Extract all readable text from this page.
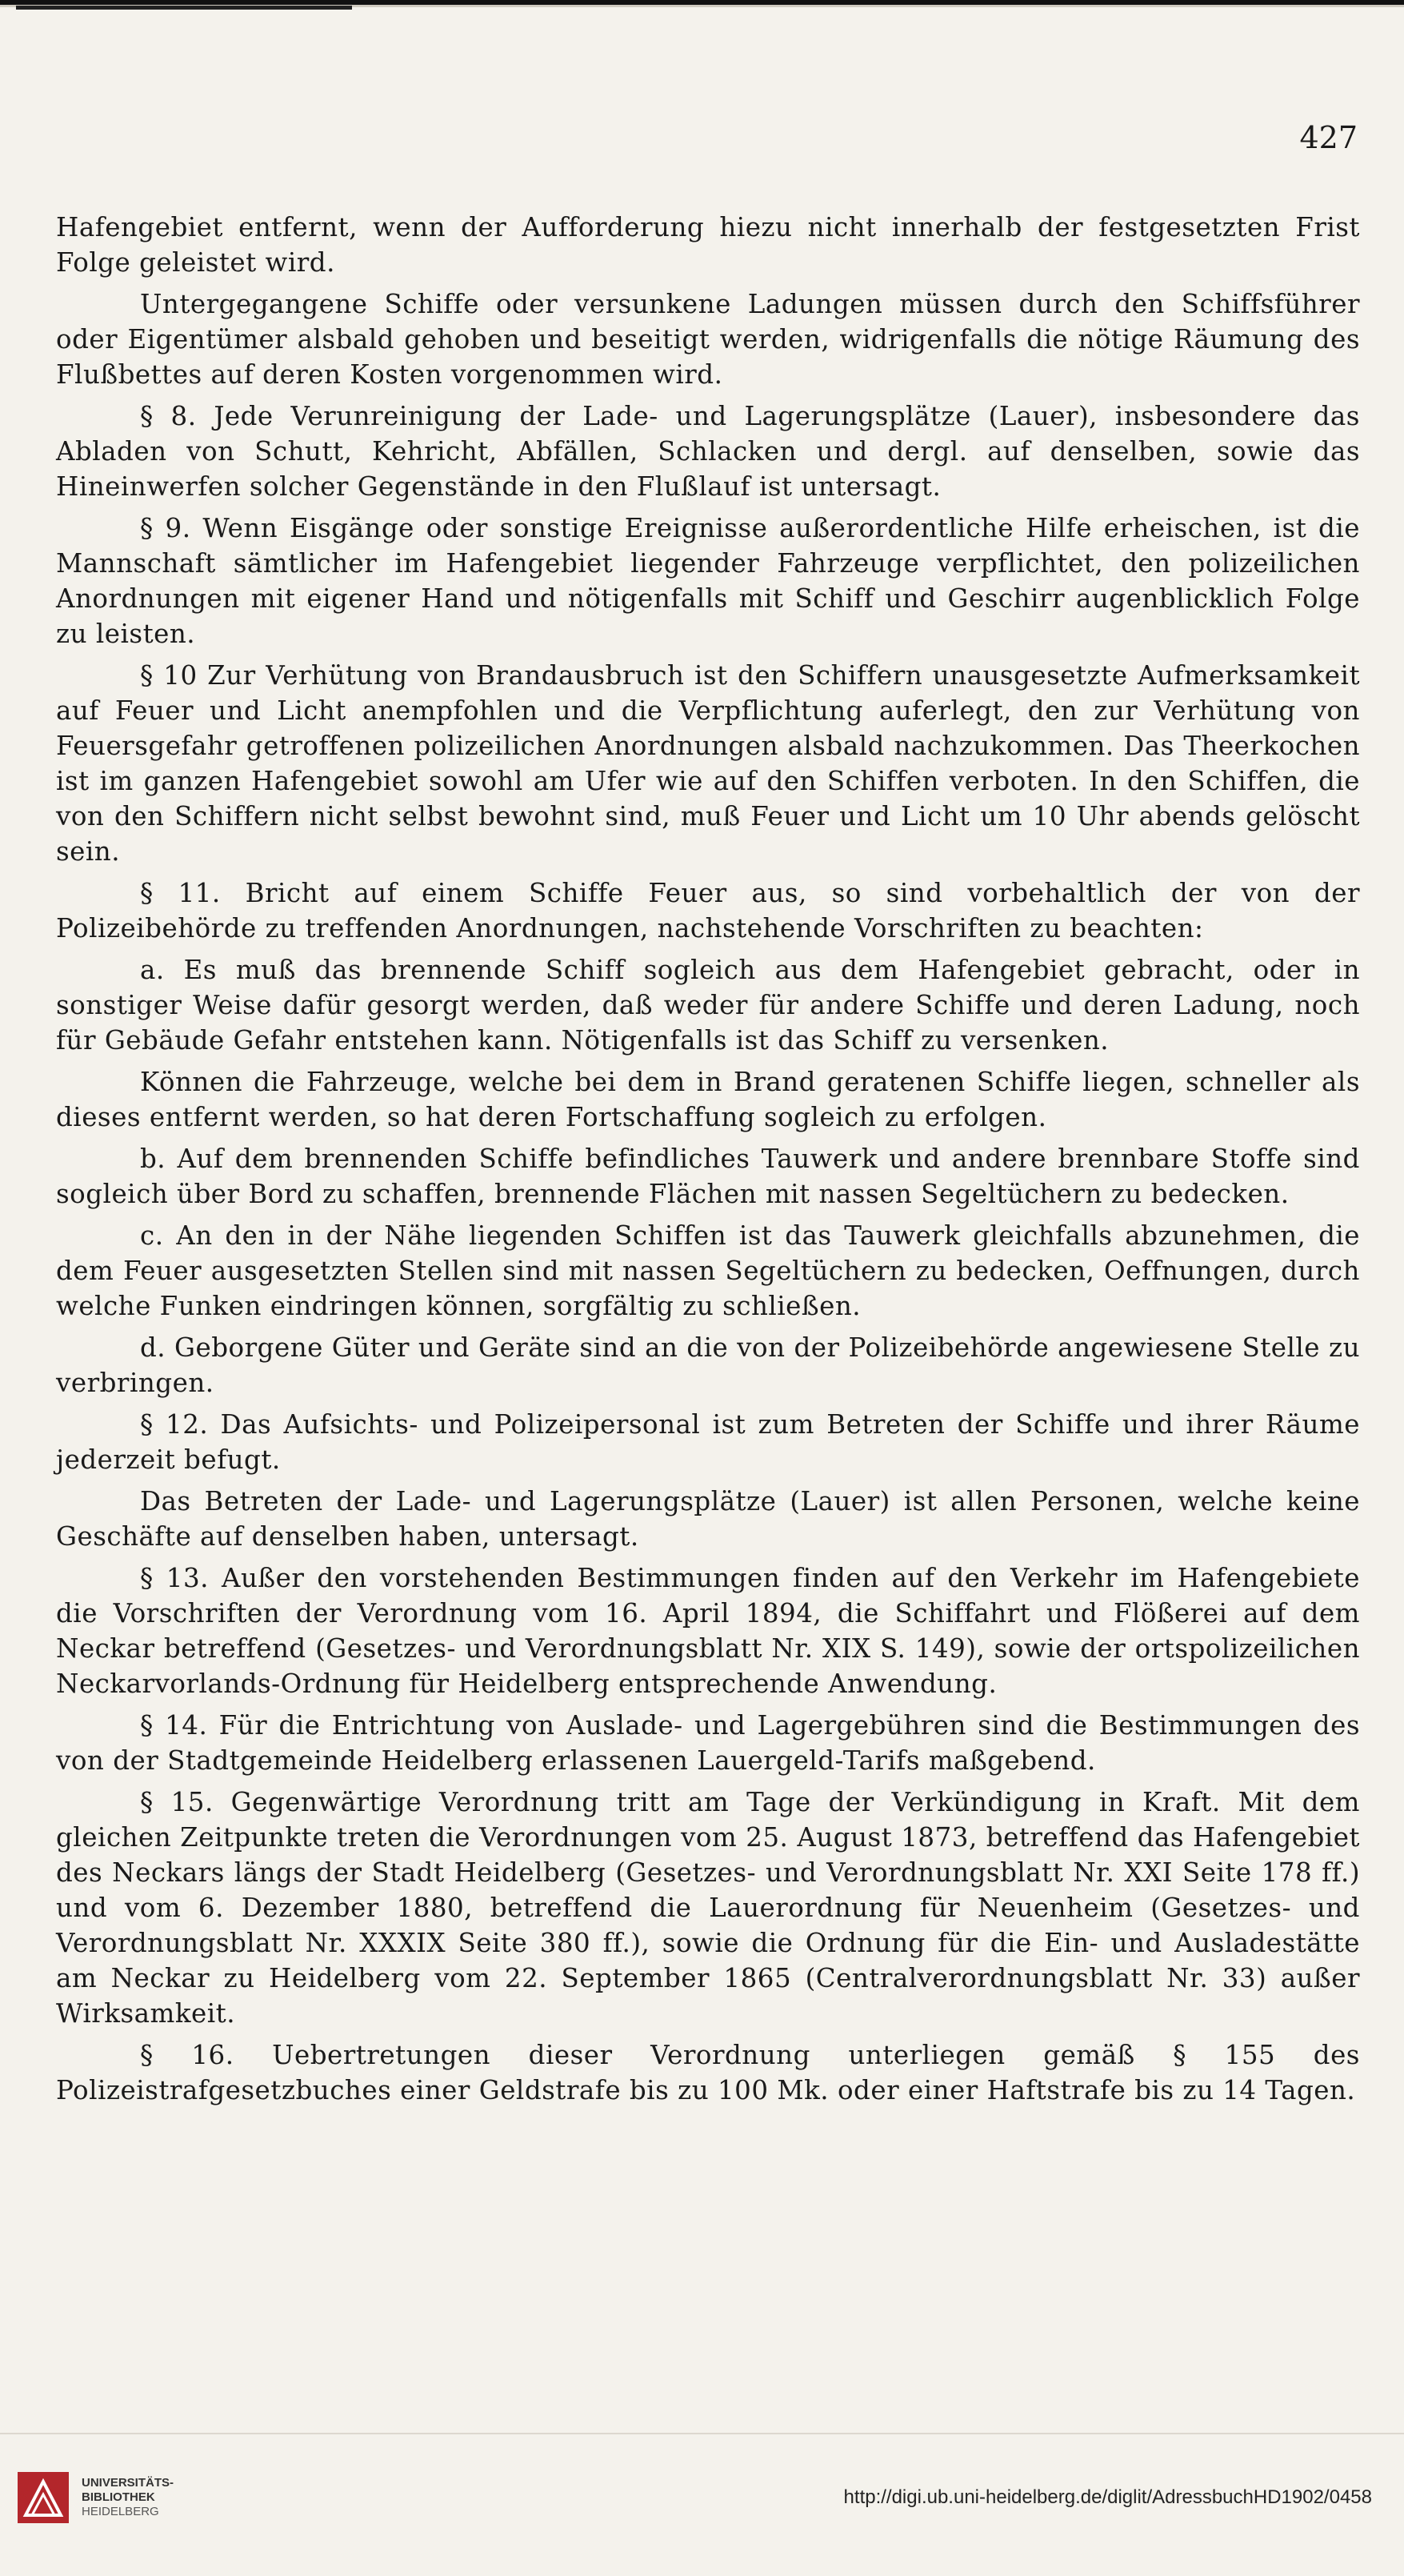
427

Hafengebiet entfernt, wenn der Aufforderung hiezu nicht innerhalb der festgesetzten Frist Folge geleistet wird.

Untergegangene Schiffe oder versunkene Ladungen müssen durch den Schiffsführer oder Eigentümer alsbald gehoben und beseitigt werden, widrigenfalls die nötige Räumung des Flußbettes auf deren Kosten vorgenommen wird.

§ 8. Jede Verunreinigung der Lade- und Lagerungsplätze (Lauer), insbesondere das Abladen von Schutt, Kehricht, Abfällen, Schlacken und dergl. auf denselben, sowie das Hineinwerfen solcher Gegenstände in den Flußlauf ist untersagt.

§ 9. Wenn Eisgänge oder sonstige Ereignisse außerordentliche Hilfe erheischen, ist die Mannschaft sämtlicher im Hafengebiet liegender Fahrzeuge verpflichtet, den polizeilichen Anordnungen mit eigener Hand und nötigenfalls mit Schiff und Geschirr augenblicklich Folge zu leisten.

§ 10 Zur Verhütung von Brandausbruch ist den Schiffern unausgesetzte Aufmerksamkeit auf Feuer und Licht anempfohlen und die Verpflichtung auferlegt, den zur Verhütung von Feuersgefahr getroffenen polizeilichen Anordnungen alsbald nachzukommen. Das Theerkochen ist im ganzen Hafengebiet sowohl am Ufer wie auf den Schiffen verboten. In den Schiffen, die von den Schiffern nicht selbst bewohnt sind, muß Feuer und Licht um 10 Uhr abends gelöscht sein.

§ 11. Bricht auf einem Schiffe Feuer aus, so sind vorbehaltlich der von der Polizeibehörde zu treffenden Anordnungen, nachstehende Vorschriften zu beachten:

a. Es muß das brennende Schiff sogleich aus dem Hafengebiet gebracht, oder in sonstiger Weise dafür gesorgt werden, daß weder für andere Schiffe und deren Ladung, noch für Gebäude Gefahr entstehen kann. Nötigenfalls ist das Schiff zu versenken.

Können die Fahrzeuge, welche bei dem in Brand geratenen Schiffe liegen, schneller als dieses entfernt werden, so hat deren Fortschaffung sogleich zu erfolgen.

b. Auf dem brennenden Schiffe befindliches Tauwerk und andere brennbare Stoffe sind sogleich über Bord zu schaffen, brennende Flächen mit nassen Segeltüchern zu bedecken.

c. An den in der Nähe liegenden Schiffen ist das Tauwerk gleichfalls abzunehmen, die dem Feuer ausgesetzten Stellen sind mit nassen Segeltüchern zu bedecken, Oeffnungen, durch welche Funken eindringen können, sorgfältig zu schließen.

d. Geborgene Güter und Geräte sind an die von der Polizeibehörde angewiesene Stelle zu verbringen.

§ 12. Das Aufsichts- und Polizeipersonal ist zum Betreten der Schiffe und ihrer Räume jederzeit befugt.

Das Betreten der Lade- und Lagerungsplätze (Lauer) ist allen Personen, welche keine Geschäfte auf denselben haben, untersagt.

§ 13. Außer den vorstehenden Bestimmungen finden auf den Verkehr im Hafengebiete die Vorschriften der Verordnung vom 16. April 1894, die Schiffahrt und Flößerei auf dem Neckar betreffend (Gesetzes- und Verordnungsblatt Nr. XIX S. 149), sowie der ortspolizeilichen Neckarvorlands-Ordnung für Heidelberg entsprechende Anwendung.

§ 14. Für die Entrichtung von Auslade- und Lagergebühren sind die Bestimmungen des von der Stadtgemeinde Heidelberg erlassenen Lauergeld-Tarifs maßgebend.

§ 15. Gegenwärtige Verordnung tritt am Tage der Verkündigung in Kraft. Mit dem gleichen Zeitpunkte treten die Verordnungen vom 25. August 1873, betreffend das Hafengebiet des Neckars längs der Stadt Heidelberg (Gesetzes- und Verordnungsblatt Nr. XXI Seite 178 ff.) und vom 6. Dezember 1880, betreffend die Lauerordnung für Neuenheim (Gesetzes- und Verordnungsblatt Nr. XXXIX Seite 380 ff.), sowie die Ordnung für die Ein- und Ausladestätte am Neckar zu Heidelberg vom 22. September 1865 (Centralverordnungsblatt Nr. 33) außer Wirksamkeit.

§ 16. Uebertretungen dieser Verordnung unterliegen gemäß § 155 des Polizeistrafgesetzbuches einer Geldstrafe bis zu 100 Mk. oder einer Haftstrafe bis zu 14 Tagen.

UNIVERSITÄTS-
BIBLIOTHEK
HEIDELBERG
http://digi.ub.uni-heidelberg.de/diglit/AdressbuchHD1902/0458
